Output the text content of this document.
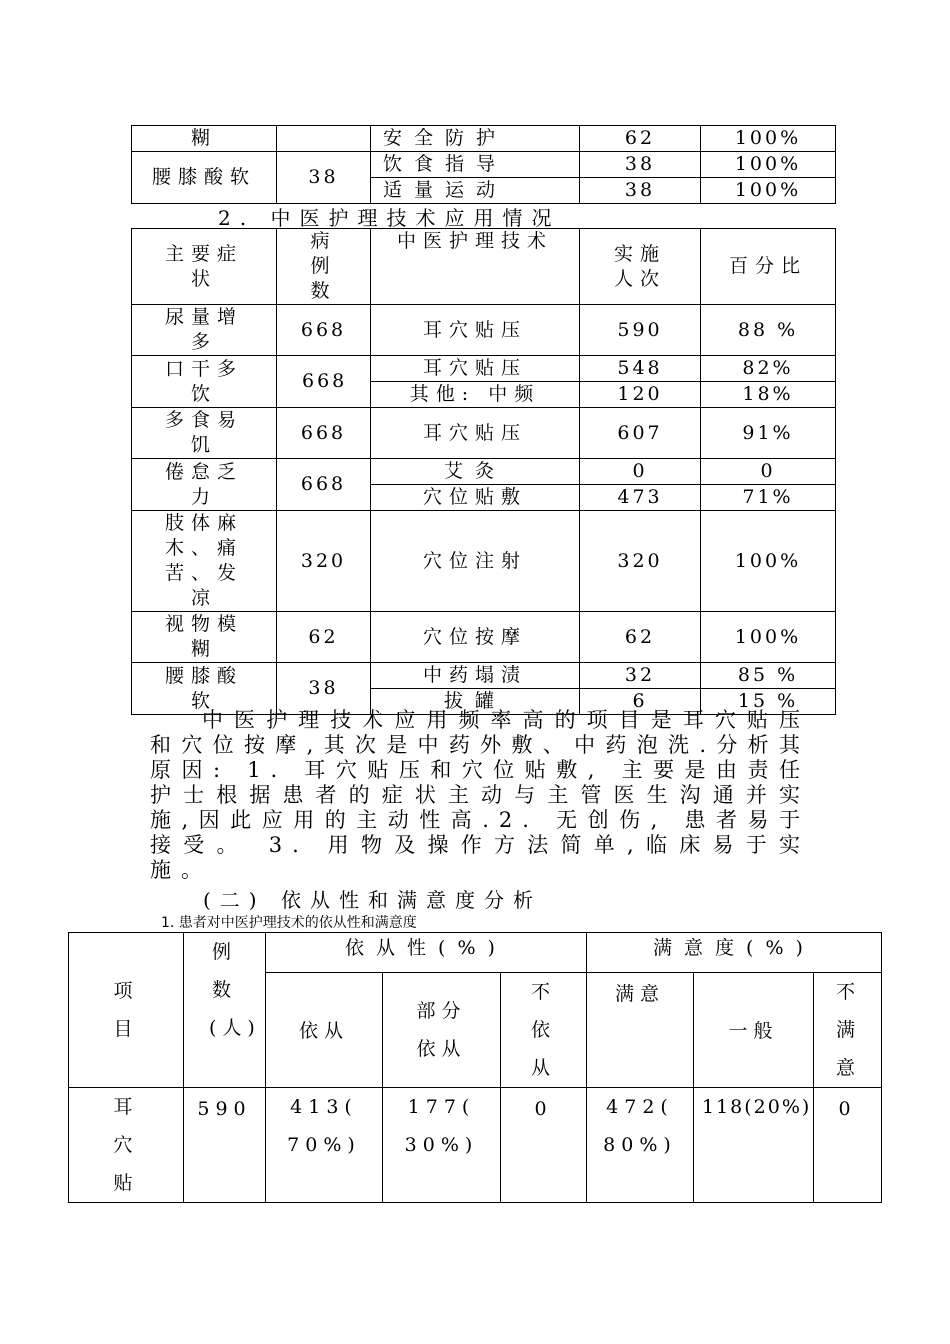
糊		安全防护	62	100%
腰膝酸软	38	饮食指导	38	100%
		适量运动	38	100%
2. 中医护理技术应用情况
主要症状	病例数	中医护理技术	实施人次	百分比
尿量增多	668	耳穴贴压	590	88 %
口干多饮	668	耳穴贴压	548	82%
		其他: 中频	120	18%
多食易饥	668	耳穴贴压	607	91%
倦怠乏力	668	艾灸	0	0
		穴位贴敷	473	71%
肢体麻木、痛苦、发凉	320	穴位注射	320	100%
视物模糊	62	穴位按摩	62	100%
腰膝酸软	38	中药塌渍	32	85 %
		拔罐	6	15 %

中医护理技术应用频率高的项目是耳穴贴压和穴位按摩,其次是中药外敷、中药泡洗.分析其原因: 1. 耳穴贴压和穴位贴敷, 主要是由责任护士根据患者的症状主动与主管医生沟通并实施,因此应用的主动性高.2. 无创伤, 患者易于接受。 3. 用物及操作方法简单,临床易于实施。

(二) 依从性和满意度分析
1. 患者对中医护理技术的依从性和满意度
项目	例数(人)	依从性(%)			满意度(%)		
		依从	部分依从	不依从	满意	一般	不满意
耳穴贴	590	413( 70%)	177( 30%)	0	472( 80%)	118(20%)	0
